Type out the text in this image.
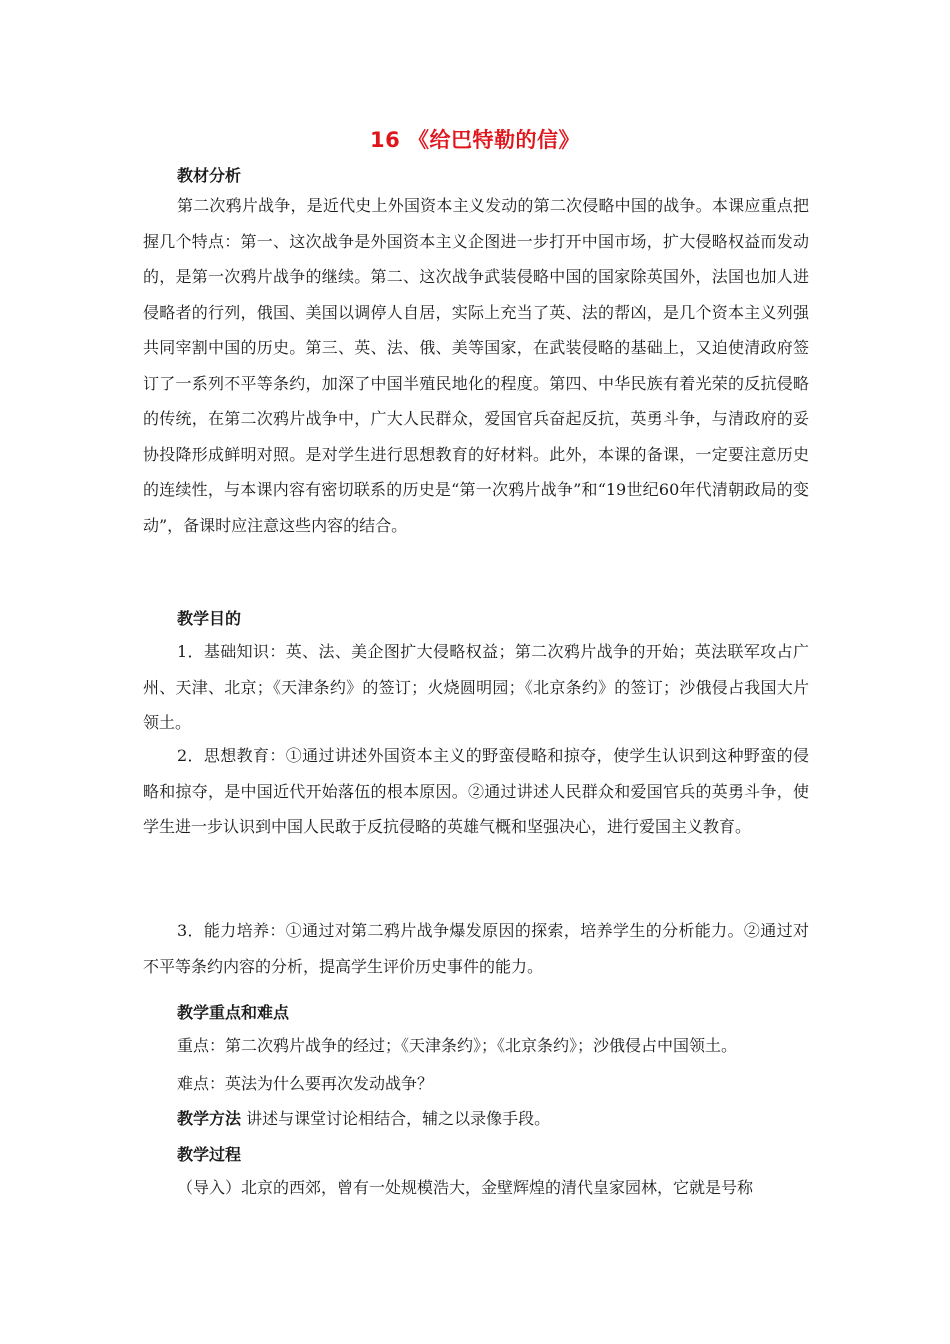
16 《给巴特勒的信》
教材分析

第二次鸦片战争，是近代史上外国资本主义发动的第二次侵略中国的战争。本课应重点把握几个特点：第一、这次战争是外国资本主义企图进一步打开中国市场，扩大侵略权益而发动的，是第一次鸦片战争的继续。第二、这次战争武装侵略中国的国家除英国外，法国也加人进侵略者的行列，俄国、美国以调停人自居，实际上充当了英、法的帮凶，是几个资本主义列强共同宰割中国的历史。第三、英、法、俄、美等国家，在武装侵略的基础上，又迫使清政府签订了一系列不平等条约，加深了中国半殖民地化的程度。第四、中华民族有着光荣的反抗侵略的传统，在第二次鸦片战争中，广大人民群众，爱国官兵奋起反抗，英勇斗争，与清政府的妥协投降形成鲜明对照。是对学生进行思想教育的好材料。此外，本课的备课，一定要注意历史的连续性，与本课内容有密切联系的历史是“第一次鸦片战争”和“19世纪60年代清朝政局的变动”，备课时应注意这些内容的结合。

教学目的

1．基础知识：英、法、美企图扩大侵略权益；第二次鸦片战争的开始；英法联军攻占广州、天津、北京；《天津条约》的签订；火烧圆明园；《北京条约》的签订；沙俄侵占我国大片领土。

2．思想教育：①通过讲述外国资本主义的野蛮侵略和掠夺，使学生认识到这种野蛮的侵略和掠夺，是中国近代开始落伍的根本原因。②通过讲述人民群众和爱国官兵的英勇斗争，使学生进一步认识到中国人民敢于反抗侵略的英雄气概和坚强决心，进行爱国主义教育。

3．能力培养：①通过对第二鸦片战争爆发原因的探索，培养学生的分析能力。②通过对不平等条约内容的分析，提高学生评价历史事件的能力。

教学重点和难点
重点：第二次鸦片战争的经过；《天津条约》；《北京条约》；沙俄侵占中国领土。
难点：英法为什么要再次发动战争？
教学方法 讲述与课堂讨论相结合，辅之以录像手段。
教学过程

（导入）北京的西郊，曾有一处规模浩大，金壁辉煌的清代皇家园林，它就是号称
